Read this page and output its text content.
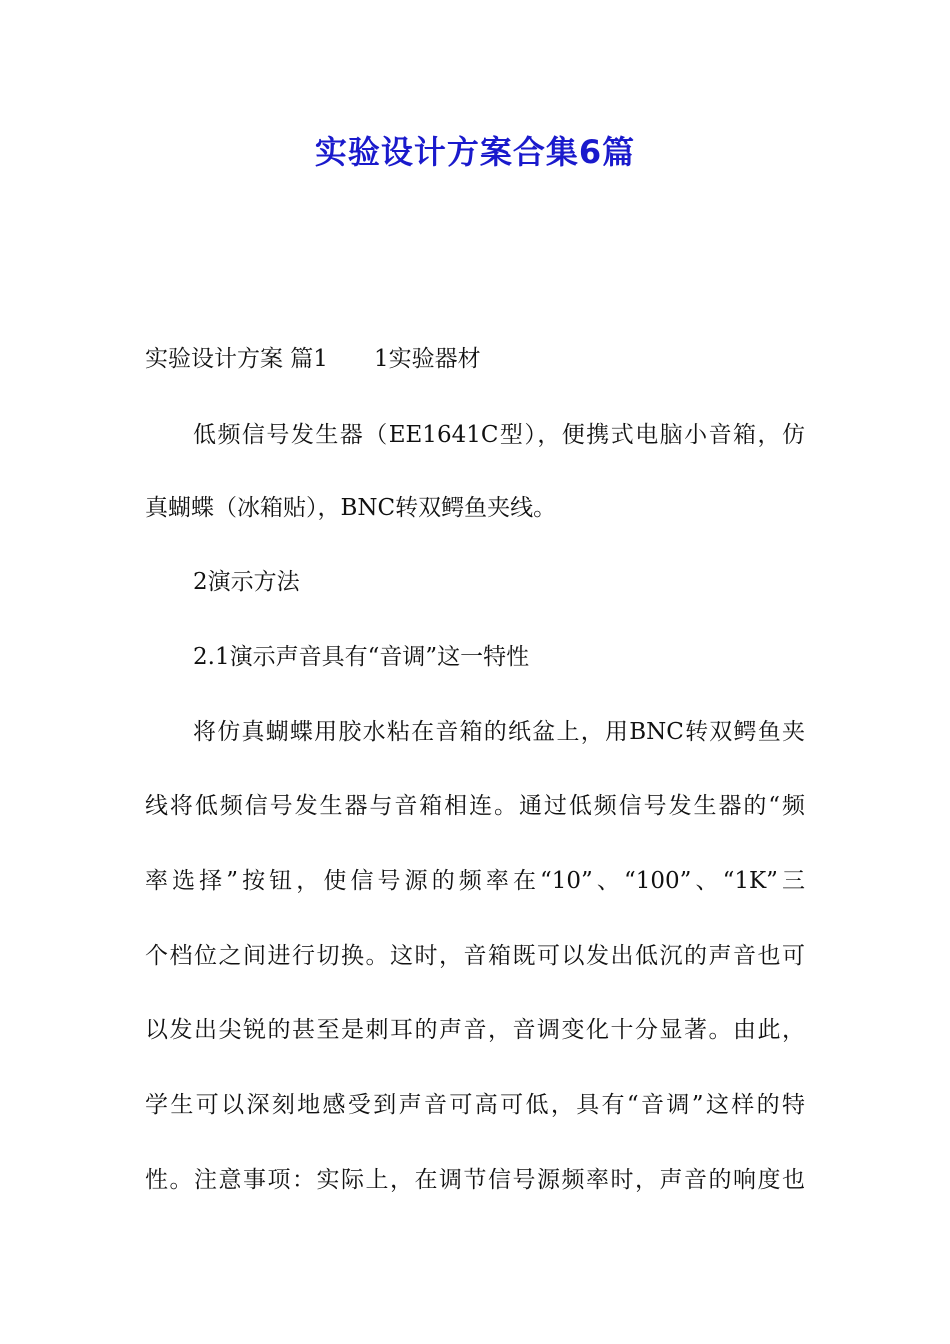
实验设计方案合集6篇
实验设计方案 篇1 1实验器材
低频信号发生器（EE1641C型），便携式电脑小音箱，仿
真蝴蝶（冰箱贴），BNC转双鳄鱼夹线。
2演示方法
2.1演示声音具有“音调”这一特性
将仿真蝴蝶用胶水粘在音箱的纸盆上，用BNC转双鳄鱼夹
线将低频信号发生器与音箱相连。通过低频信号发生器的“频
率选择”按钮，使信号源的频率在“10”、“100”、“1K”三
个档位之间进行切换。这时，音箱既可以发出低沉的声音也可
以发出尖锐的甚至是刺耳的声音，音调变化十分显著。由此，
学生可以深刻地感受到声音可高可低，具有“音调”这样的特
性。注意事项：实际上，在调节信号源频率时，声音的响度也
